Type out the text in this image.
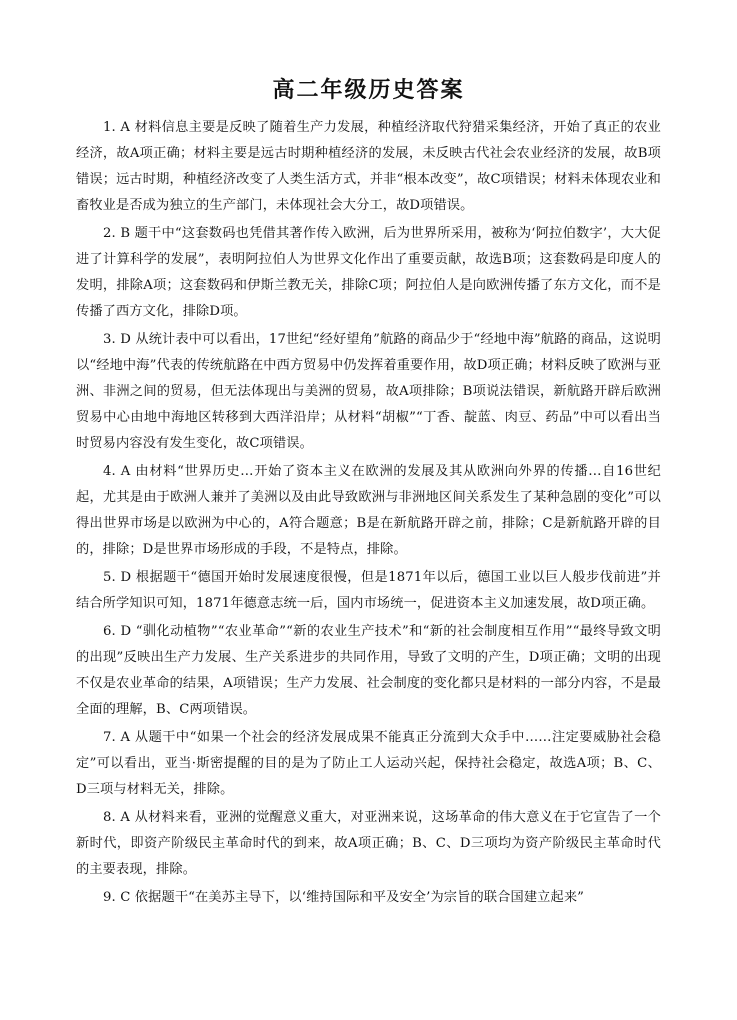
高二年级历史答案

1. A 材料信息主要是反映了随着生产力发展，种植经济取代狩猎采集经济，开始了真正的农业经济，故A项正确；材料主要是远古时期种植经济的发展，未反映古代社会农业经济的发展，故B项错误；远古时期，种植经济改变了人类生活方式，并非“根本改变”，故C项错误；材料未体现农业和畜牧业是否成为独立的生产部门，未体现社会大分工，故D项错误。

2. B 题干中“这套数码也凭借其著作传入欧洲，后为世界所采用，被称为‘阿拉伯数字’，大大促进了计算科学的发展”，表明阿拉伯人为世界文化作出了重要贡献，故选B项；这套数码是印度人的发明，排除A项；这套数码和伊斯兰教无关，排除C项；阿拉伯人是向欧洲传播了东方文化，而不是传播了西方文化，排除D项。

3. D 从统计表中可以看出，17世纪“经好望角”航路的商品少于“经地中海”航路的商品，这说明以“经地中海”代表的传统航路在中西方贸易中仍发挥着重要作用，故D项正确；材料反映了欧洲与亚洲、非洲之间的贸易，但无法体现出与美洲的贸易，故A项排除；B项说法错误，新航路开辟后欧洲贸易中心由地中海地区转移到大西洋沿岸；从材料“胡椒”“丁香、靛蓝、肉豆、药品”中可以看出当时贸易内容没有发生变化，故C项错误。

4. A 由材料“世界历史…开始了资本主义在欧洲的发展及其从欧洲向外界的传播…自16世纪起，尤其是由于欧洲人兼并了美洲以及由此导致欧洲与非洲地区间关系发生了某种急剧的变化”可以得出世界市场是以欧洲为中心的，A符合题意；B是在新航路开辟之前，排除；C是新航路开辟的目的，排除；D是世界市场形成的手段，不是特点，排除。

5. D 根据题干“德国开始时发展速度很慢，但是1871年以后，德国工业以巨人般步伐前进”并结合所学知识可知，1871年德意志统一后，国内市场统一，促进资本主义加速发展，故D项正确。

6. D “驯化动植物”“农业革命”“新的农业生产技术”和“新的社会制度相互作用”“最终导致文明的出现”反映出生产力发展、生产关系进步的共同作用，导致了文明的产生，D项正确；文明的出现不仅是农业革命的结果，A项错误；生产力发展、社会制度的变化都只是材料的一部分内容，不是最全面的理解，B、C两项错误。

7. A 从题干中“如果一个社会的经济发展成果不能真正分流到大众手中……注定要威胁社会稳定”可以看出，亚当·斯密提醒的目的是为了防止工人运动兴起，保持社会稳定，故选A项；B、C、D三项与材料无关，排除。

8. A 从材料来看，亚洲的觉醒意义重大，对亚洲来说，这场革命的伟大意义在于它宣告了一个新时代，即资产阶级民主革命时代的到来，故A项正确；B、C、D三项均为资产阶级民主革命时代的主要表现，排除。

9. C 依据题干“在美苏主导下，以‘维持国际和平及安全’为宗旨的联合国建立起来”
